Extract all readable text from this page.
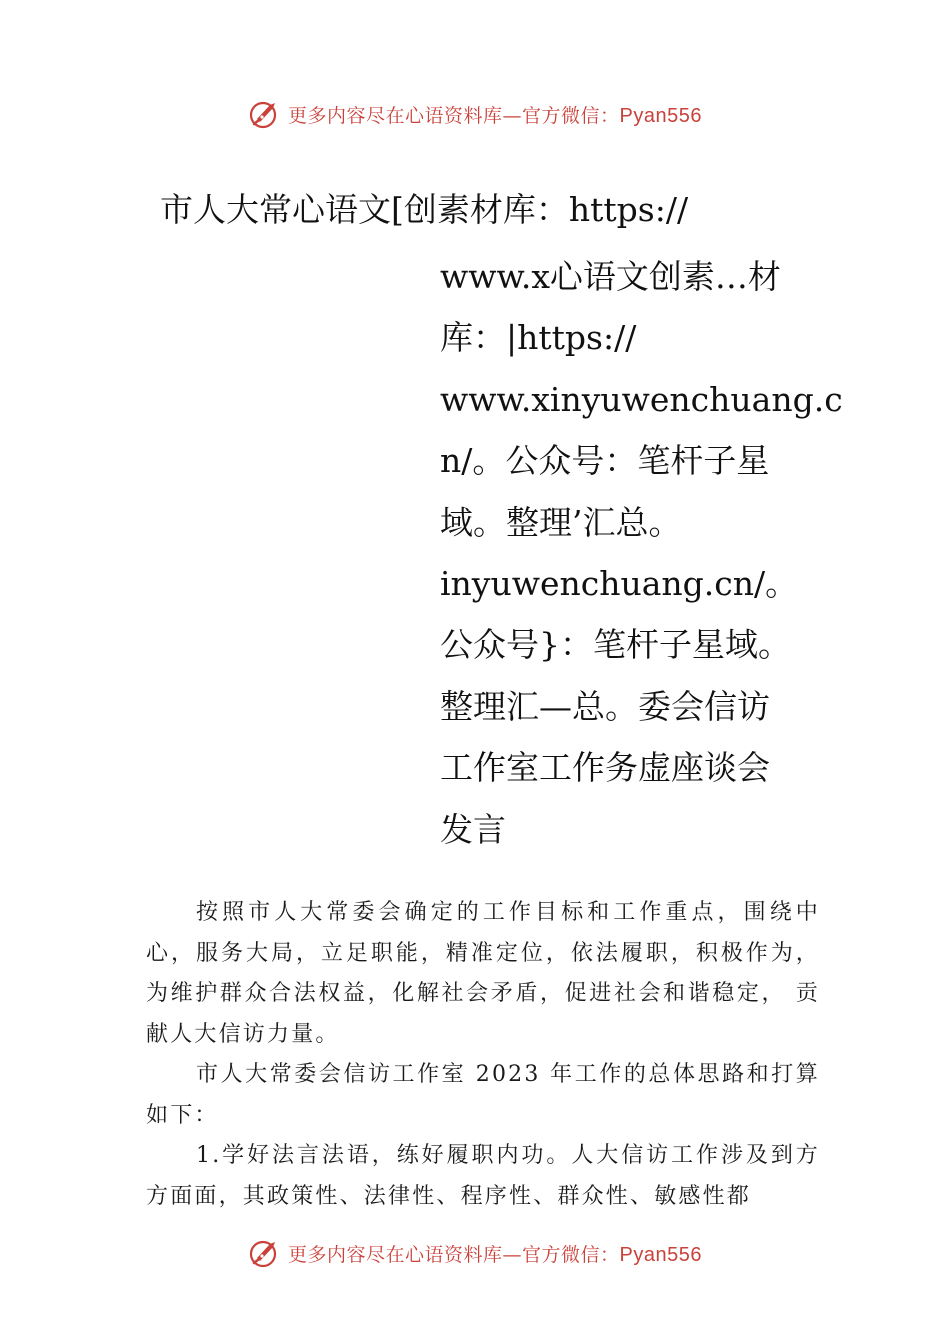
更多内容尽在心语资料库—官方微信：Pyan556
市人大常心语文[创素材库：https://
www.x心语文创素…材
库：|https://
www.xinyuwenchuang.c
n/。公众号：笔杆子星
域。整理’汇总。
inyuwenchuang.cn/。
公众号}：笔杆子星域。
整理汇—总。委会信访
工作室工作务虚座谈会
发言

按照市人大常委会确定的工作目标和工作重点，围绕中心，服务大局，立足职能，精准定位，依法履职，积极作为，为维护群众合法权益，化解社会矛盾，促进社会和谐稳定， 贡献人大信访力量。

市人大常委会信访工作室 2023 年工作的总体思路和打算如下：

1.学好法言法语，练好履职内功。人大信访工作涉及到方方面面，其政策性、法律性、程序性、群众性、敏感性都

更多内容尽在心语资料库—官方微信：Pyan556
